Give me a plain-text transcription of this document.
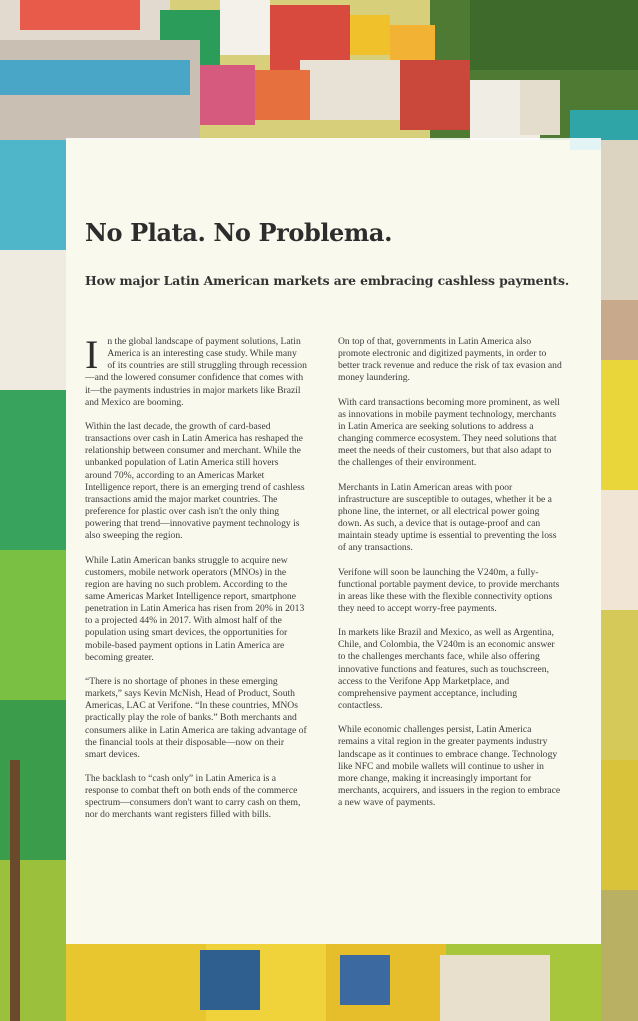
No Plata. No Problema.
How major Latin American markets are embracing cashless payments.

In the global landscape of payment solutions, Latin America is an interesting case study. While many of its countries are still struggling through recession—and the lowered consumer confidence that comes with it—the payments industries in major markets like Brazil and Mexico are booming.

Within the last decade, the growth of card-based transactions over cash in Latin America has reshaped the relationship between consumer and merchant. While the unbanked population of Latin America still hovers around 70%, according to an Americas Market Intelligence report, there is an emerging trend of cashless transactions amid the major market countries. The preference for plastic over cash isn't the only thing powering that trend—innovative payment technology is also sweeping the region.

While Latin American banks struggle to acquire new customers, mobile network operators (MNOs) in the region are having no such problem. According to the same Americas Market Intelligence report, smartphone penetration in Latin America has risen from 20% in 2013 to a projected 44% in 2017. With almost half of the population using smart devices, the opportunities for mobile-based payment options in Latin America are becoming greater.

“There is no shortage of phones in these emerging markets,” says Kevin McNish, Head of Product, South Americas, LAC at Verifone. “In these countries, MNOs practically play the role of banks.” Both merchants and consumers alike in Latin America are taking advantage of the financial tools at their disposable—now on their smart devices.

The backlash to “cash only” in Latin America is a response to combat theft on both ends of the commerce spectrum—consumers don't want to carry cash on them, nor do merchants want registers filled with bills.

On top of that, governments in Latin America also promote electronic and digitized payments, in order to better track revenue and reduce the risk of tax evasion and money laundering.

With card transactions becoming more prominent, as well as innovations in mobile payment technology, merchants in Latin America are seeking solutions to address a changing commerce ecosystem. They need solutions that meet the needs of their customers, but that also adapt to the challenges of their environment.

Merchants in Latin American areas with poor infrastructure are susceptible to outages, whether it be a phone line, the internet, or all electrical power going down. As such, a device that is outage-proof and can maintain steady uptime is essential to preventing the loss of any transactions.

Verifone will soon be launching the V240m, a fully-functional portable payment device, to provide merchants in areas like these with the flexible connectivity options they need to accept worry-free payments.

In markets like Brazil and Mexico, as well as Argentina, Chile, and Colombia, the V240m is an economic answer to the challenges merchants face, while also offering innovative functions and features, such as touchscreen, access to the Verifone App Marketplace, and comprehensive payment acceptance, including contactless.

While economic challenges persist, Latin America remains a vital region in the greater payments industry landscape as it continues to embrace change. Technology like NFC and mobile wallets will continue to usher in more change, making it increasingly important for merchants, acquirers, and issuers in the region to embrace a new wave of payments.
